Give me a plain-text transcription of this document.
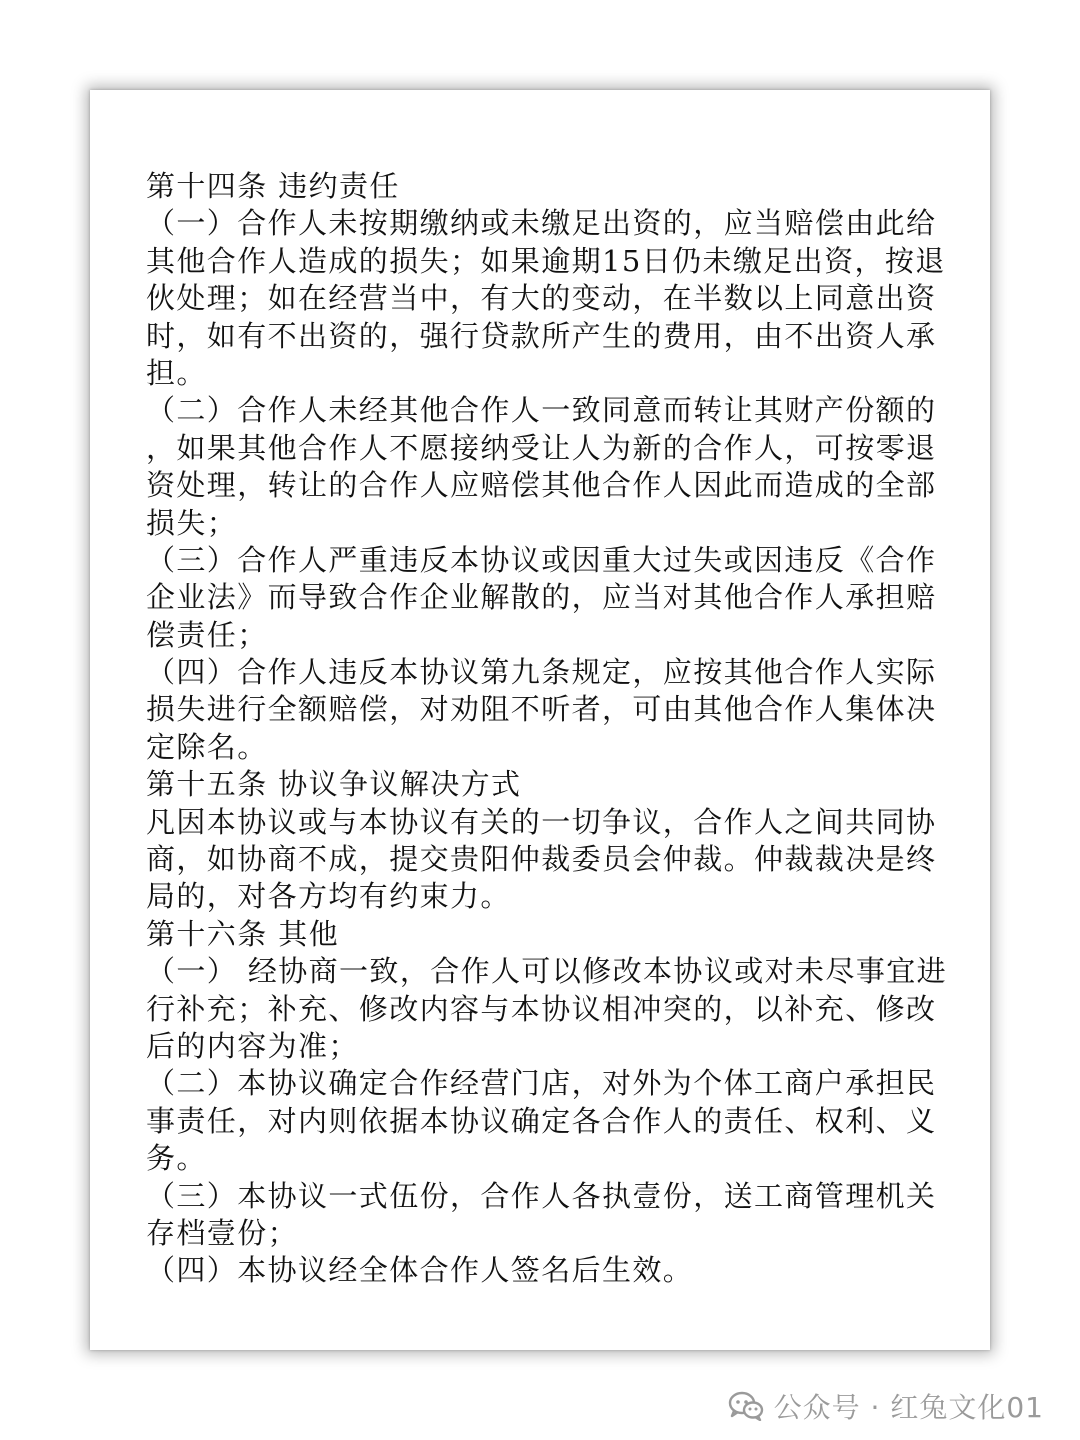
第十四条 违约责任
（一）合作人未按期缴纳或未缴足出资的，应当赔偿由此给
其他合作人造成的损失；如果逾期15日仍未缴足出资，按退
伙处理；如在经营当中，有大的变动，在半数以上同意出资
时，如有不出资的，强行贷款所产生的费用，由不出资人承
担。
（二）合作人未经其他合作人一致同意而转让其财产份额的
，如果其他合作人不愿接纳受让人为新的合作人，可按零退
资处理，转让的合作人应赔偿其他合作人因此而造成的全部
损失；
（三）合作人严重违反本协议或因重大过失或因违反《合作
企业法》而导致合作企业解散的，应当对其他合作人承担赔
偿责任；
（四）合作人违反本协议第九条规定，应按其他合作人实际
损失进行全额赔偿，对劝阻不听者，可由其他合作人集体决
定除名。
第十五条 协议争议解决方式
凡因本协议或与本协议有关的一切争议，合作人之间共同协
商，如协商不成，提交贵阳仲裁委员会仲裁。仲裁裁决是终
局的，对各方均有约束力。
第十六条 其他
（一） 经协商一致，合作人可以修改本协议或对未尽事宜进
行补充；补充、修改内容与本协议相冲突的，以补充、修改
后的内容为准；
（二）本协议确定合作经营门店，对外为个体工商户承担民
事责任，对内则依据本协议确定各合作人的责任、权利、义
务。
（三）本协议一式伍份，合作人各执壹份，送工商管理机关
存档壹份；
（四）本协议经全体合作人签名后生效。
公众号 · 红兔文化01
